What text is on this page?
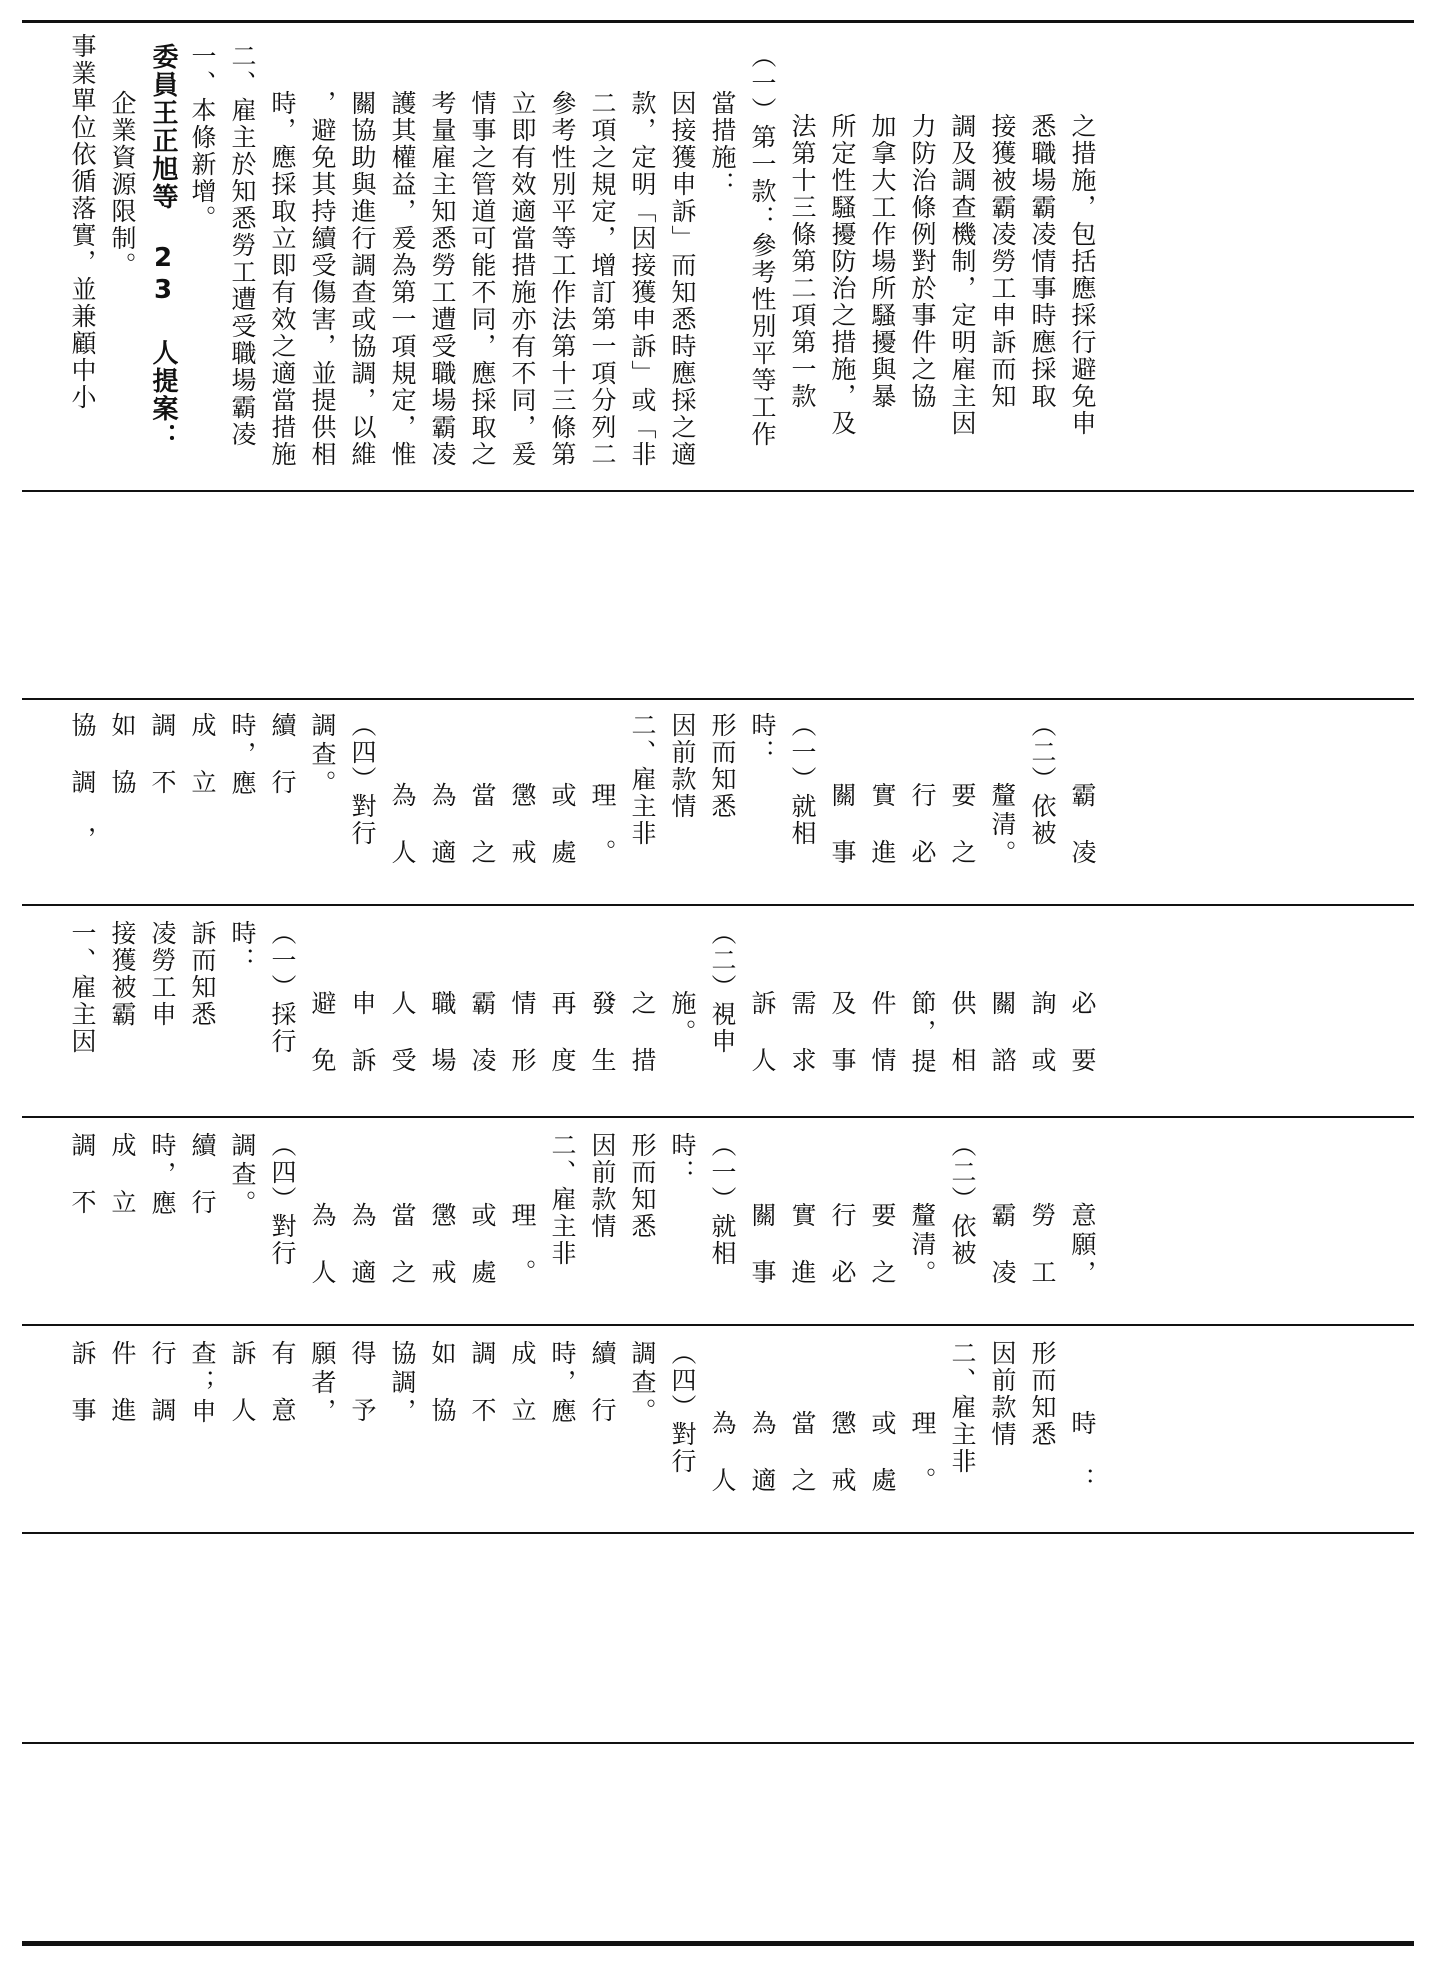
事業單位依循落實，並兼顧中小 企業資源限制。 委員王正旭等 23 人提案： 一、本條新增。 二、雇主於知悉勞工遭受職場霸凌 時，應採取立即有效之適當措施 ，避免其持續受傷害，並提供相 關協助與進行調查或協調，以維 護其權益，爰為第一項規定，惟 考量雇主知悉勞工遭受職場霸凌 情事之管道可能不同，應採取之 立即有效適當措施亦有不同，爰 參考性別平等工作法第十三條第 二項之規定，增訂第一項分列二 款，定明「因接獲申訴」或「非 因接獲申訴」而知悉時應採之適 當措施： （一）第一款：參考性別平等工作 法第十三條第二項第一款 所定性騷擾防治之措施，及 加拿大工作場所騷擾與暴 力防治條例對於事件之協 調及調查機制，定明雇主因 接獲被霸凌勞工申訴而知 悉職場霸凌情事時應採取 之措施，包括應採行避免申
協調， 如協 調不 成立 時，應 續行 調查。 （四）對行 為人 為適 當之 懲戒 或處 理。 二、雇主非 因前款情 形而知悉 時： （一）就相 關事 實進 行必 要之 釐清。 （二）依被 霸凌
一、雇主因 接獲被霸 凌勞工申 訴而知悉 時： （一）採行 避免 申訴 人受 職場 霸凌 情形 再度 發生 之措 施。 （二）視申 訴人 需求 及事 件情 節，提 供相 關諮 詢或 必要
調不 成立 時，應 續行 調查。 （四）對行 為人 為適 當之 懲戒 或處 理。 二、雇主非 因前款情 形而知悉 時： （一）就相 關事 實進 行必 要之 釐清。 （二）依被 霸凌 勞工 意願，
訴事 件進 行調 查；申 訴人 有意 願者， 得予 協調， 如協 調不 成立 時，應 續行 調查。 （四）對行 為人 為適 當之 懲戒 或處 理。 二、雇主非 因前款情 形而知悉
時：
